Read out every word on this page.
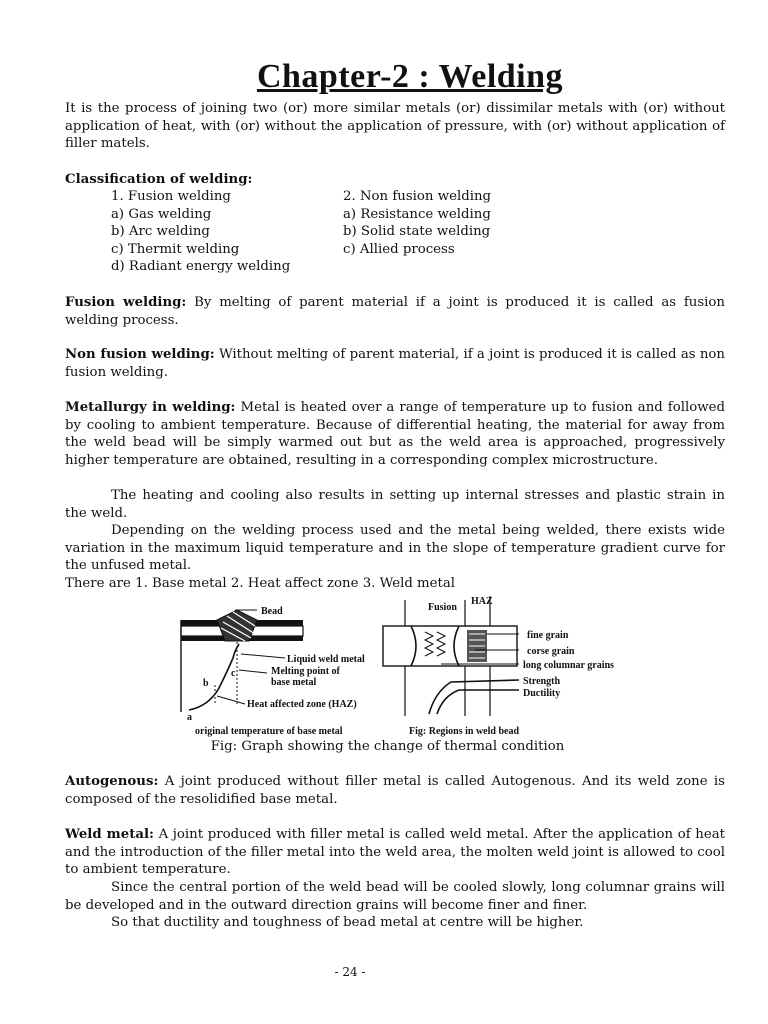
Chapter-2 : Welding

It is the process of joining two (or) more similar metals (or) dissimilar metals with (or) without application of heat, with (or) without the application of pressure, with (or) without application of filler matels.

Classification of welding:

1. Fusion welding
a) Gas welding
b) Arc welding
c) Thermit welding
d) Radiant energy welding
2. Non fusion welding
a) Resistance welding
b) Solid state welding
c) Allied process

Fusion welding: By melting of parent material if a joint is produced it is called as fusion welding process.

Non fusion welding: Without melting of parent material, if a joint is produced it is called as non fusion welding.

Metallurgy in welding: Metal is heated over a range of temperature up to fusion and followed by cooling to ambient temperature. Because of differential heating, the material for away from the weld bead will be simply warmed out but as the weld area is approached, progressively higher temperature are obtained, resulting in a corresponding complex microstructure.

The heating and cooling also results in setting up internal stresses and plastic strain in the weld.

Depending on the welding process used and the metal being welded, there exists wide variation in the maximum liquid temperature and in the slope of temperature gradient curve for the unfused metal.

There are 1. Base metal 2. Heat affect zone 3. Weld metal

Bead
Liquid weld metal
Melting point of
base metal
Heat affected zone (HAZ)
c
b
a
original temperature of base metal
Fusion
HAZ
fine grain
corse grain
long columnar grains
Strength
Ductility
Fig: Regions in weld bead
Fig: Graph showing the change of thermal condition

Autogenous: A joint produced without filler metal is called Autogenous. And its weld zone is composed of the resolidified base metal.

Weld metal: A joint produced with filler metal is called weld metal. After the application of heat and the introduction of the filler metal into the weld area, the molten weld joint is allowed to cool to ambient temperature.

Since the central portion of the weld bead will be cooled slowly, long columnar grains will be developed and in the outward direction grains will become finer and finer.

So that ductility and toughness of bead metal at centre will be higher.

- 24 -
